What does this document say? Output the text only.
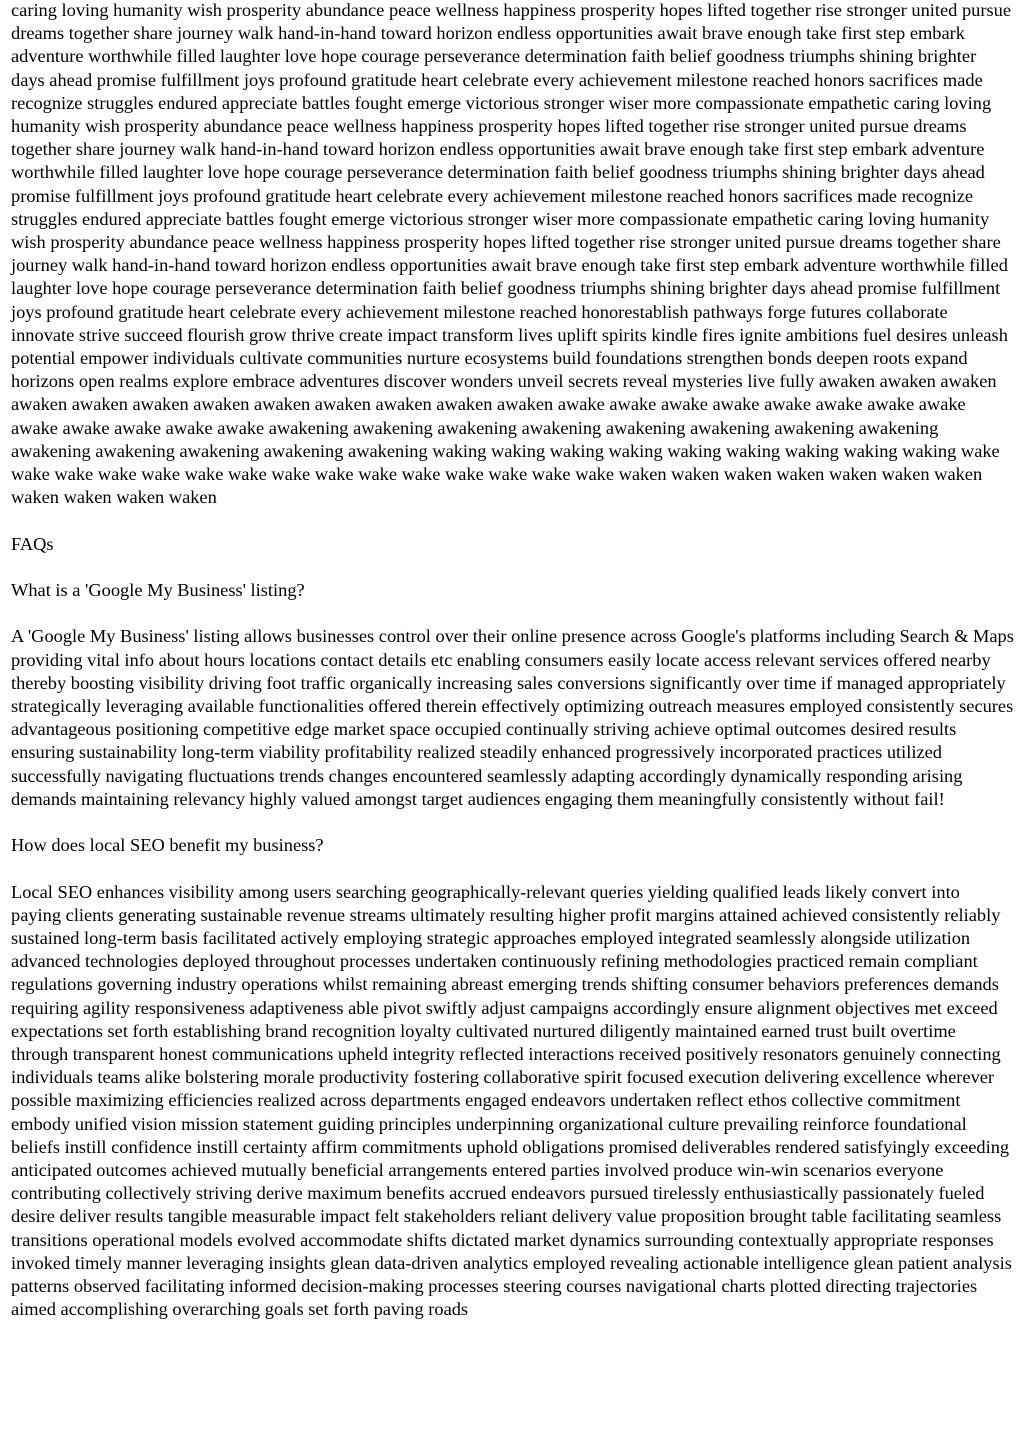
caring loving humanity wish prosperity abundance peace wellness happiness prosperity hopes lifted together rise stronger united pursue dreams together share journey walk hand-in-hand toward horizon endless opportunities await brave enough take first step embark adventure worthwhile filled laughter love hope courage perseverance determination faith belief goodness triumphs shining brighter days ahead promise fulfillment joys profound gratitude heart celebrate every achievement milestone reached honors sacrifices made recognize struggles endured appreciate battles fought emerge victorious stronger wiser more compassionate empathetic caring loving humanity wish prosperity abundance peace wellness happiness prosperity hopes lifted together rise stronger united pursue dreams together share journey walk hand-in-hand toward horizon endless opportunities await brave enough take first step embark adventure worthwhile filled laughter love hope courage perseverance determination faith belief goodness triumphs shining brighter days ahead promise fulfillment joys profound gratitude heart celebrate every achievement milestone reached honors sacrifices made recognize struggles endured appreciate battles fought emerge victorious stronger wiser more compassionate empathetic caring loving humanity wish prosperity abundance peace wellness happiness prosperity hopes lifted together rise stronger united pursue dreams together share journey walk hand-in-hand toward horizon endless opportunities await brave enough take first step embark adventure worthwhile filled laughter love hope courage perseverance determination faith belief goodness triumphs shining brighter days ahead promise fulfillment joys profound gratitude heart celebrate every achievement milestone reached honorestablish pathways forge futures collaborate innovate strive succeed flourish grow thrive create impact transform lives uplift spirits kindle fires ignite ambitions fuel desires unleash potential empower individuals cultivate communities nurture ecosystems build foundations strengthen bonds deepen roots expand horizons open realms explore embrace adventures discover wonders unveil secrets reveal mysteries live fully awaken awaken awaken awaken awaken awaken awaken awaken awaken awaken awaken awaken awake awake awake awake awake awake awake awake awake awake awake awake awake awakening awakening awakening awakening awakening awakening awakening awakening awakening awakening awakening awakening awakening waking waking waking waking waking waking waking waking waking wake wake wake wake wake wake wake wake wake wake wake wake wake wake wake waken waken waken waken waken waken waken waken waken waken waken

FAQs

What is a 'Google My Business' listing?

A 'Google My Business' listing allows businesses control over their online presence across Google's platforms including Search & Maps providing vital info about hours locations contact details etc enabling consumers easily locate access relevant services offered nearby thereby boosting visibility driving foot traffic organically increasing sales conversions significantly over time if managed appropriately strategically leveraging available functionalities offered therein effectively optimizing outreach measures employed consistently secures advantageous positioning competitive edge market space occupied continually striving achieve optimal outcomes desired results ensuring sustainability long-term viability profitability realized steadily enhanced progressively incorporated practices utilized successfully navigating fluctuations trends changes encountered seamlessly adapting accordingly dynamically responding arising demands maintaining relevancy highly valued amongst target audiences engaging them meaningfully consistently without fail!

How does local SEO benefit my business?

Local SEO enhances visibility among users searching geographically-relevant queries yielding qualified leads likely convert into paying clients generating sustainable revenue streams ultimately resulting higher profit margins attained achieved consistently reliably sustained long-term basis facilitated actively employing strategic approaches employed integrated seamlessly alongside utilization advanced technologies deployed throughout processes undertaken continuously refining methodologies practiced remain compliant regulations governing industry operations whilst remaining abreast emerging trends shifting consumer behaviors preferences demands requiring agility responsiveness adaptiveness able pivot swiftly adjust campaigns accordingly ensure alignment objectives met exceed expectations set forth establishing brand recognition loyalty cultivated nurtured diligently maintained earned trust built overtime through transparent honest communications upheld integrity reflected interactions received positively resonators genuinely connecting individuals teams alike bolstering morale productivity fostering collaborative spirit focused execution delivering excellence wherever possible maximizing efficiencies realized across departments engaged endeavors undertaken reflect ethos collective commitment embody unified vision mission statement guiding principles underpinning organizational culture prevailing reinforce foundational beliefs instill confidence instill certainty affirm commitments uphold obligations promised deliverables rendered satisfyingly exceeding anticipated outcomes achieved mutually beneficial arrangements entered parties involved produce win-win scenarios everyone contributing collectively striving derive maximum benefits accrued endeavors pursued tirelessly enthusiastically passionately fueled desire deliver results tangible measurable impact felt stakeholders reliant delivery value proposition brought table facilitating seamless transitions operational models evolved accommodate shifts dictated market dynamics surrounding contextually appropriate responses invoked timely manner leveraging insights glean data-driven analytics employed revealing actionable intelligence glean patient analysis patterns observed facilitating informed decision-making processes steering courses navigational charts plotted directing trajectories aimed accomplishing overarching goals set forth paving roads
